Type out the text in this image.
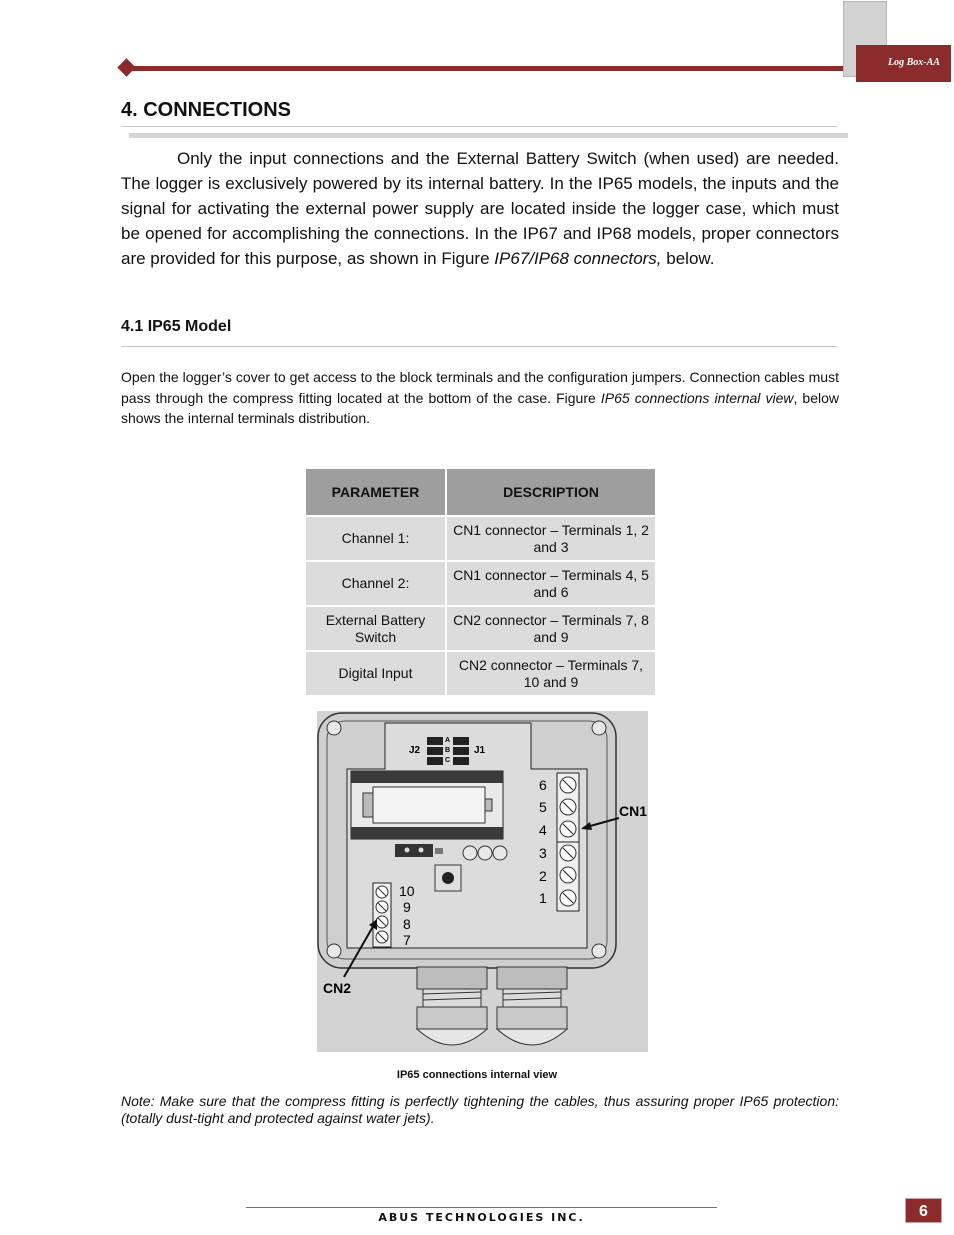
Log Box-AA
4. CONNECTIONS

Only the input connections and the External Battery Switch (when used) are needed. The logger is exclusively powered by its internal battery. In the IP65 models, the inputs and the signal for activating the external power supply are located inside the logger case, which must be opened for accomplishing the connections. In the IP67 and IP68 models, proper connectors are provided for this purpose, as shown in Figure IP67/IP68 connectors, below.

4.1 IP65 Model

Open the logger’s cover to get access to the block terminals and the configuration jumpers. Connection cables must pass through the compress fitting located at the bottom of the case. Figure IP65 connections internal view, below shows the internal terminals distribution.

PARAMETER	DESCRIPTION
Channel 1:	CN1 connector – Terminals 1, 2 and 3
Channel 2:	CN1 connector – Terminals 4, 5 and 6
External Battery Switch	CN2 connector – Terminals 7, 8 and 9
Digital Input	CN2 connector – Terminals 7, 10 and 9
A
B
C
J2	J1
6
5
4
3
2
1
10
9
8
7
CN1
CN2
IP65 connections internal view

Note: Make sure that the compress fitting is perfectly tightening the cables, thus assuring proper IP65 protection: (totally dust-tight and protected against water jets).

ABUS TECHNOLOGIES INC.	6
